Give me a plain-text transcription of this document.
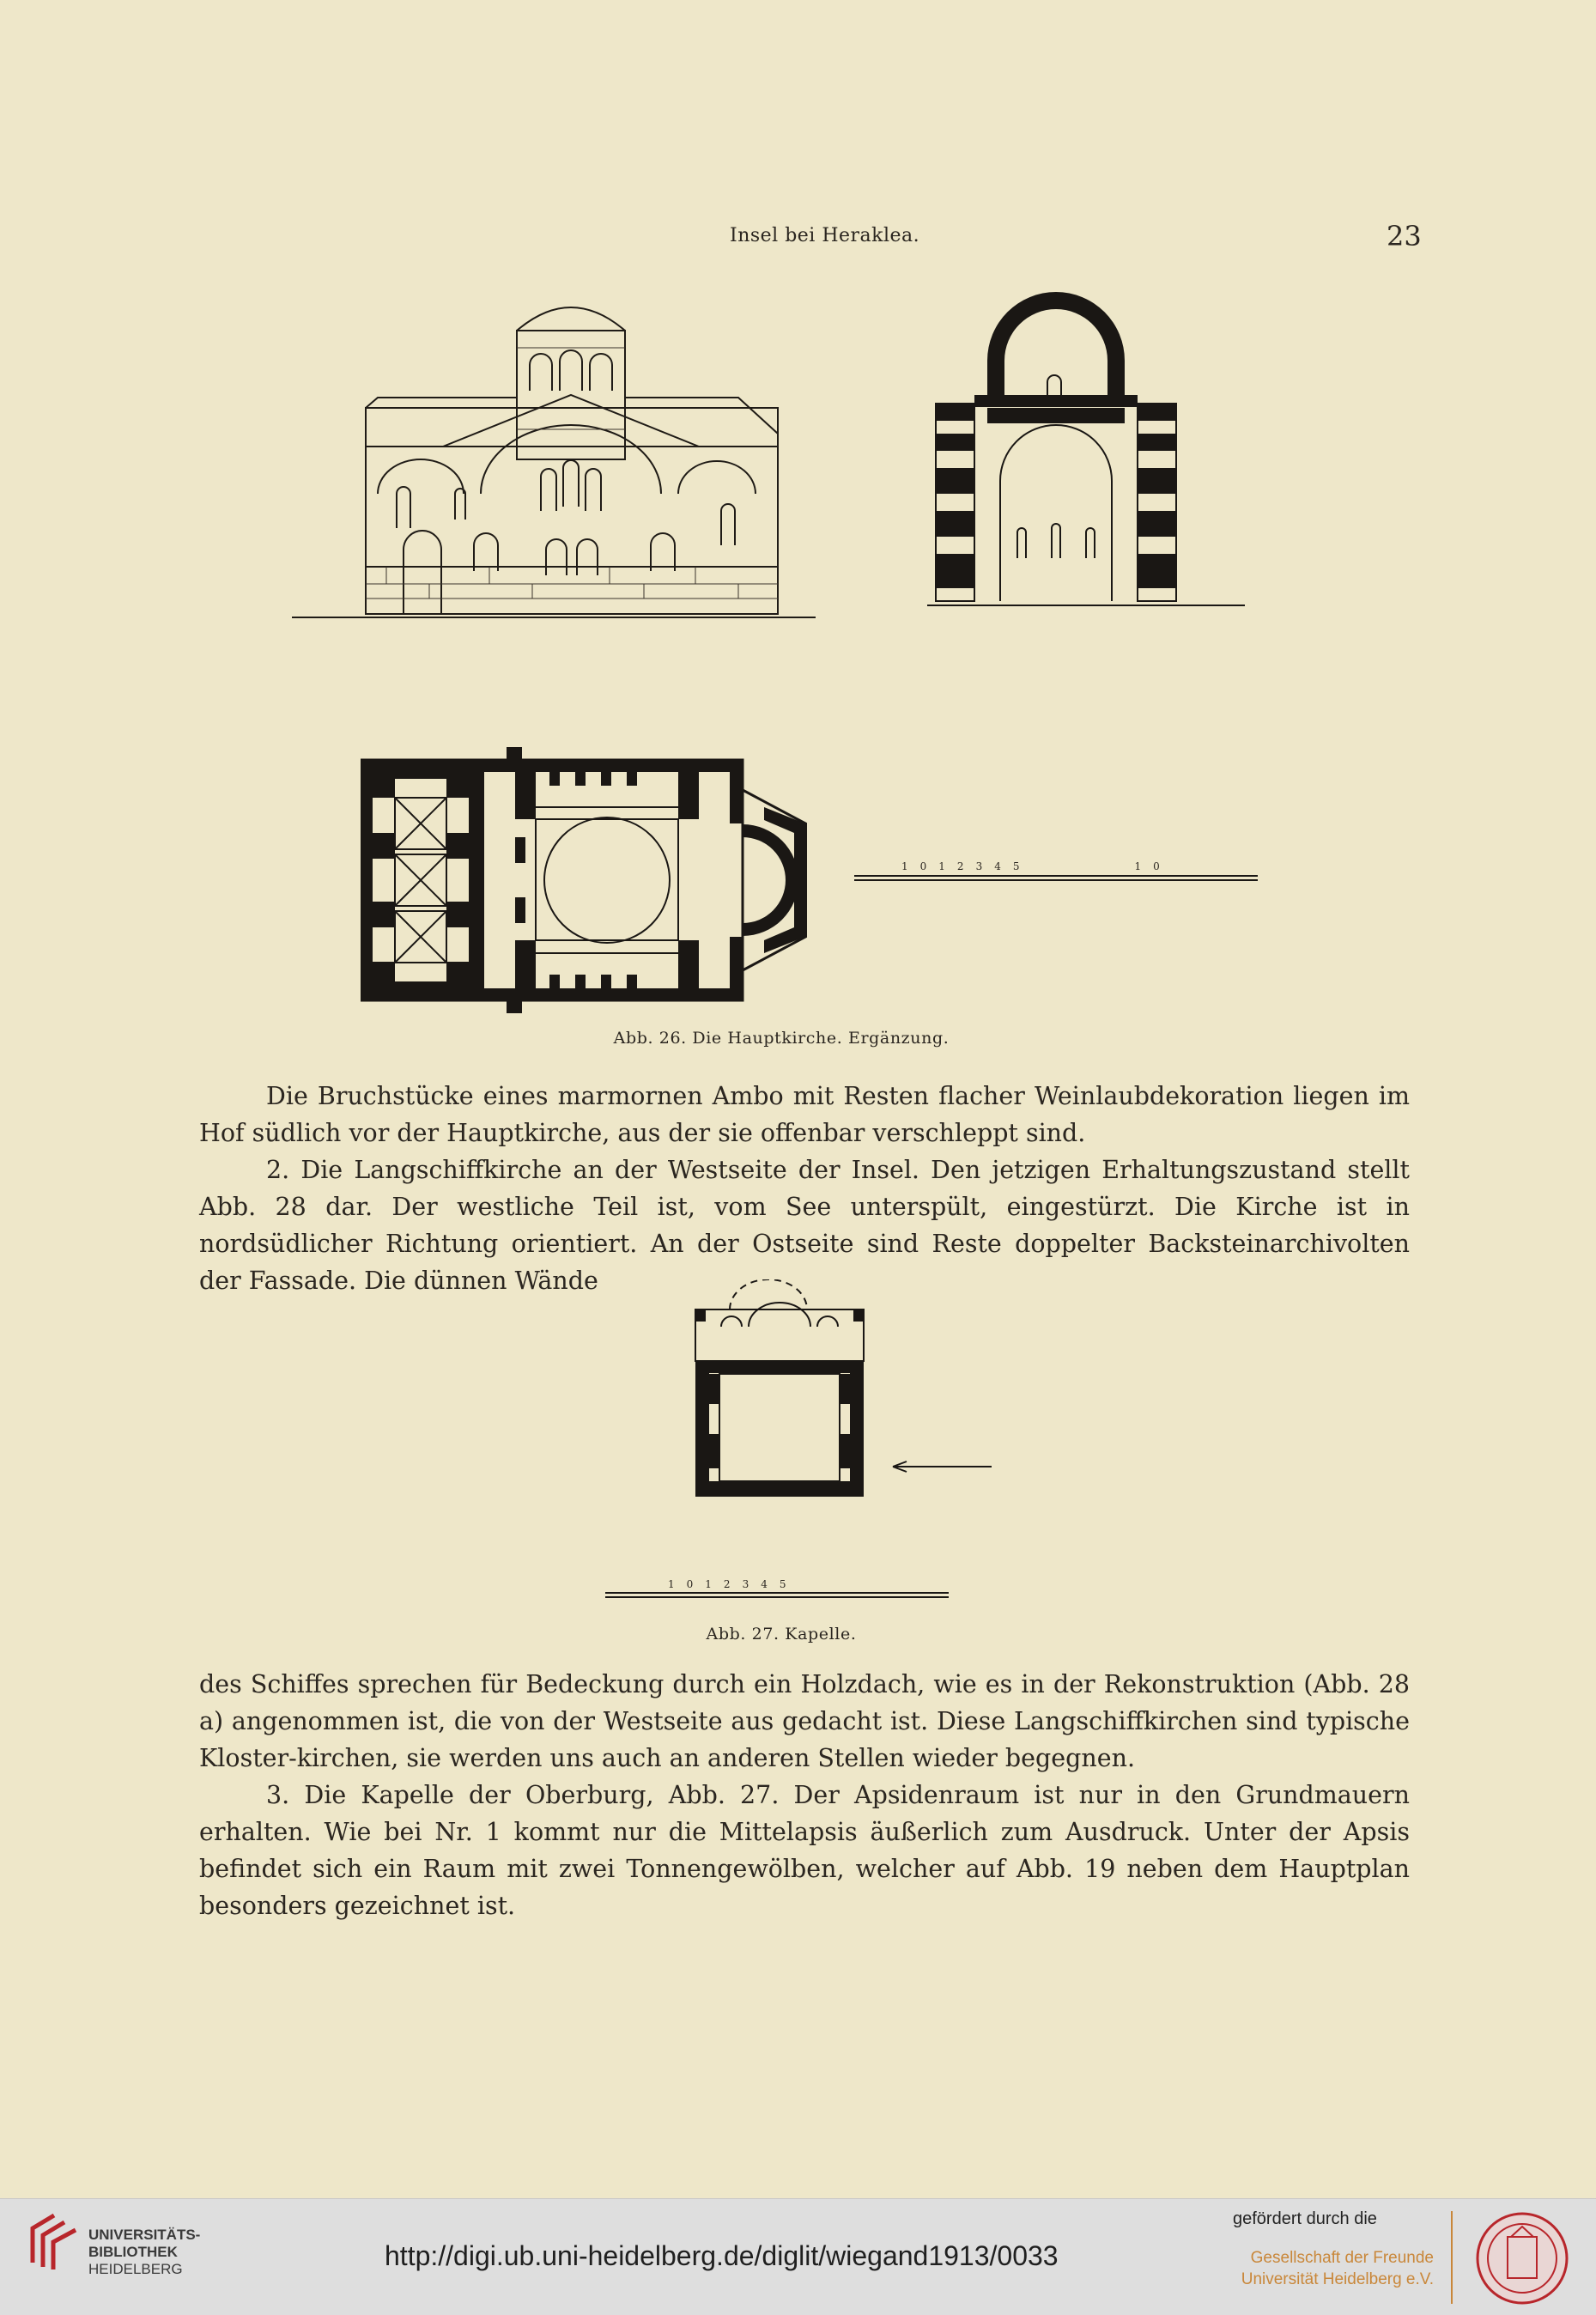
Insel bei Heraklea.	23
1012345	10
Abb. 26. Die Hauptkirche. Ergänzung.

Die Bruchstücke eines marmornen Ambo mit Resten flacher Weinlaubdekoration liegen im Hof südlich vor der Hauptkirche, aus der sie offenbar verschleppt sind.

2. Die Langschiffkirche an der Westseite der Insel. Den jetzigen Erhaltungszustand stellt Abb. 28 dar. Der westliche Teil ist, vom See unterspült, eingestürzt. Die Kirche ist in nordsüdlicher Richtung orientiert. An der Ostseite sind Reste doppelter Backsteinarchivolten der Fassade. Die dünnen Wände

1012345
Abb. 27. Kapelle.

des Schiffes sprechen für Bedeckung durch ein Holzdach, wie es in der Rekonstruktion (Abb. 28 a) angenommen ist, die von der Westseite aus gedacht ist. Diese Langschiffkirchen sind typische Kloster-kirchen, sie werden uns auch an anderen Stellen wieder begegnen.

3. Die Kapelle der Oberburg, Abb. 27. Der Apsidenraum ist nur in den Grundmauern erhalten. Wie bei Nr. 1 kommt nur die Mittelapsis äußerlich zum Ausdruck. Unter der Apsis befindet sich ein Raum mit zwei Tonnengewölben, welcher auf Abb. 19 neben dem Hauptplan besonders gezeichnet ist.

UNIVERSITÄTS-
BIBLIOTHEK
HEIDELBERG	http://digi.ub.uni-heidelberg.de/diglit/wiegand1913/0033
gefördert durch die
Gesellschaft der Freunde
Universität Heidelberg e.V.
